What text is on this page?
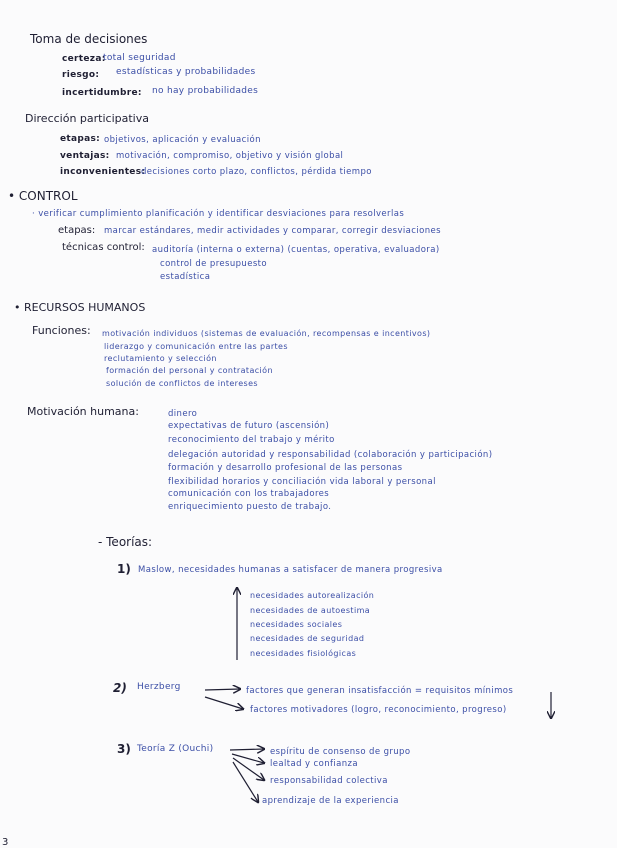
Toma de decisiones
certeza:
total seguridad
riesgo: estadísticas y probabilidades
incertidumbre: no hay probabilidades
Dirección participativa
etapas: objetivos, aplicación y evaluación
ventajas: motivación, compromiso, objetivo y visión global
inconvenientes:
decisiones corto plazo, conflictos, pérdida tiempo
• CONTROL
· verificar cumplimiento planificación y identificar desviaciones para resolverlas
etapas: marcar estándares, medir actividades y comparar, corregir desviaciones
técnicas control: auditoría (interna o externa) (cuentas, operativa, evaluadora)
control de presupuesto
estadística
• RECURSOS HUMANOS
Funciones: motivación individuos (sistemas de evaluación, recompensas e incentivos)
liderazgo y comunicación entre las partes
reclutamiento y selección
formación del personal y contratación
solución de conflictos de intereses
Motivación humana:	dinero
expectativas de futuro (ascensión)
reconocimiento del trabajo y mérito
delegación autoridad y responsabilidad (colaboración y participación)
formación y desarrollo profesional de las personas
flexibilidad horarios y conciliación vida laboral y personal
comunicación con los trabajadores
enriquecimiento puesto de trabajo.
- Teorías:
1) Maslow, necesidades humanas a satisfacer de manera progresiva
necesidades autorealización
necesidades de autoestima
necesidades sociales
necesidades de seguridad
necesidades fisiológicas
2) Herzberg	factores que generan insatisfacción = requisitos mínimos
factores motivadores (logro, reconocimiento, progreso)
3) Teoría Z (Ouchi)	espíritu de consenso de grupo
lealtad y confianza
responsabilidad colectiva
aprendizaje de la experiencia
3
